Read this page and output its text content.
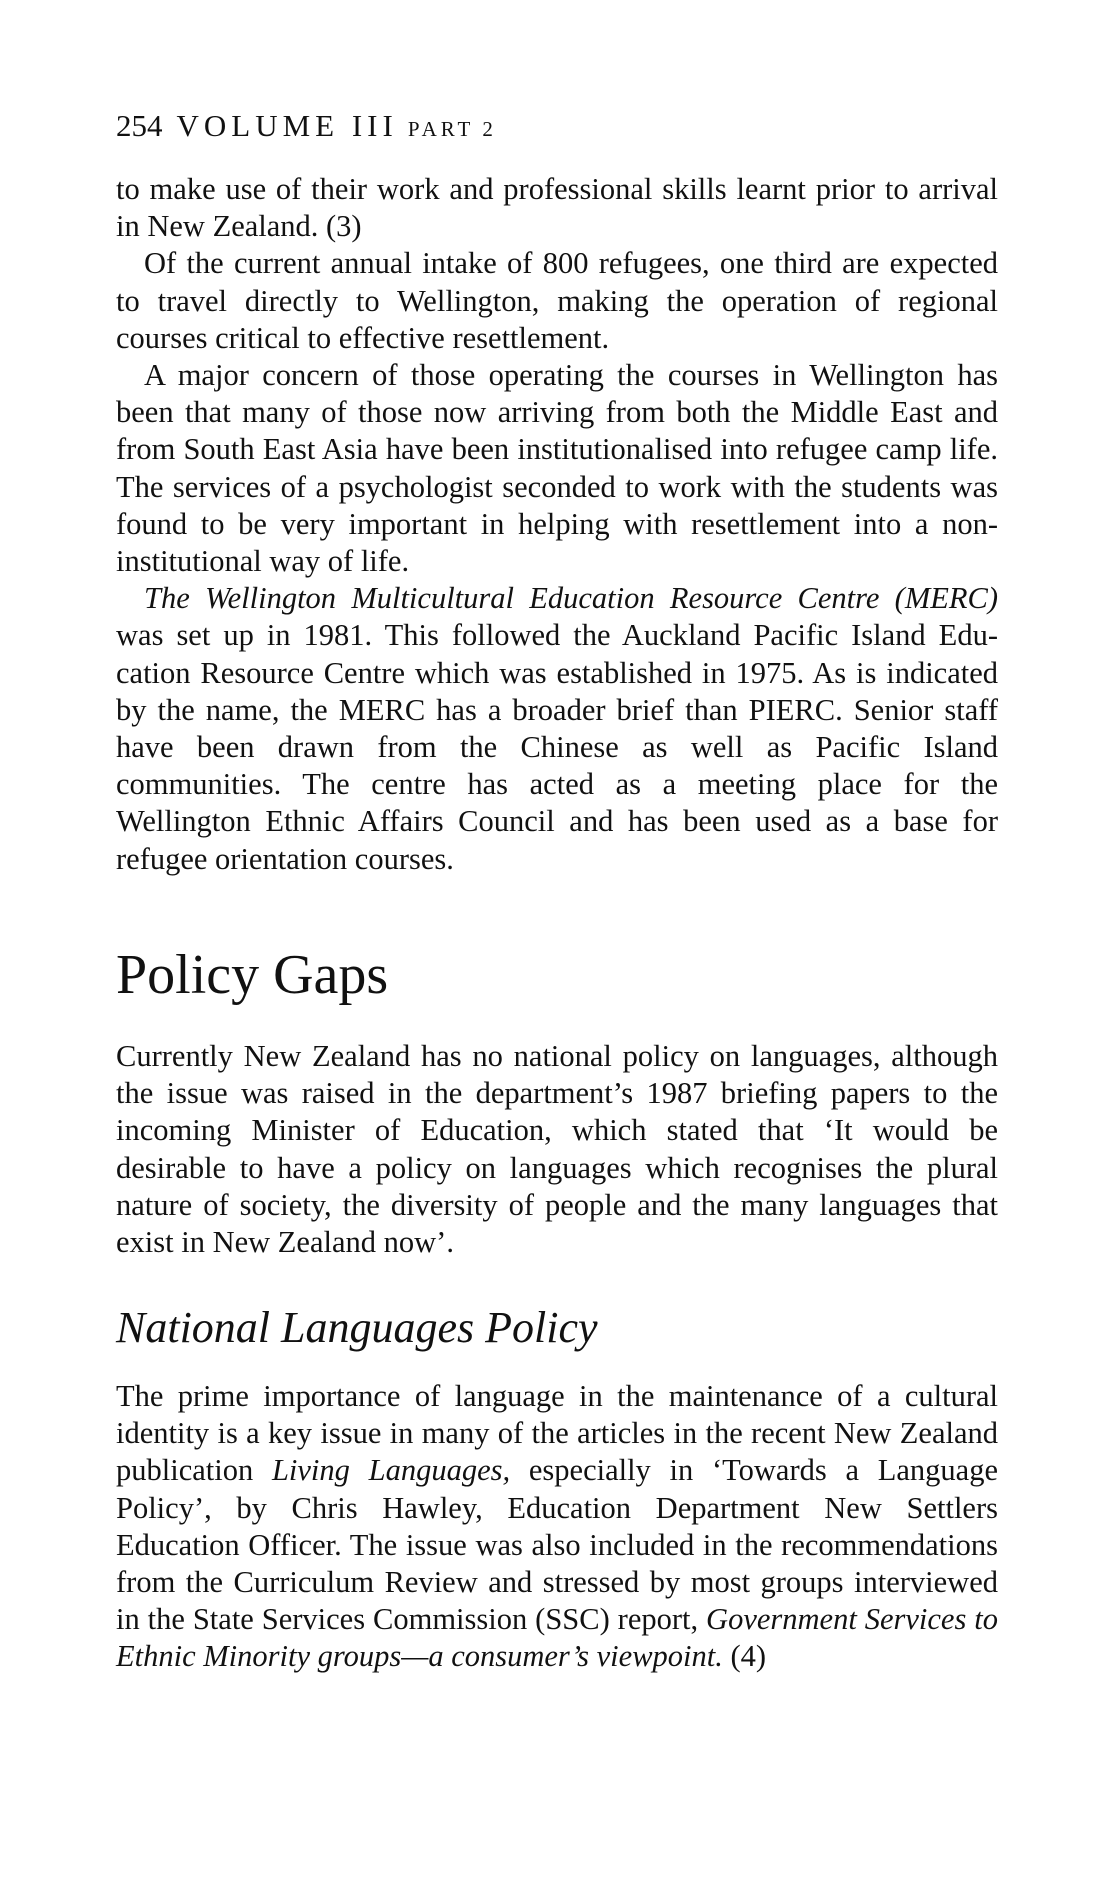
254 VOLUME III PART 2

to make use of their work and professional skills learnt prior to arrival in New Zealand. (3)

Of the current annual intake of 800 refugees, one third are expected to travel directly to Wellington, making the operation of regional courses critical to effective resettlement.

A major concern of those operating the courses in Wellington has been that many of those now arriving from both the Middle East and from South East Asia have been institutionalised into refugee camp life. The services of a psychologist seconded to work with the students was found to be very important in helping with resettlement into a non-institutional way of life.

The Wellington Multicultural Education Resource Centre (MERC) was set up in 1981. This followed the Auckland Pacific Island Education Resource Centre which was established in 1975. As is indicated by the name, the MERC has a broader brief than PIERC. Senior staff have been drawn from the Chinese as well as Pacific Island communities. The centre has acted as a meeting place for the Wellington Ethnic Affairs Council and has been used as a base for refugee orientation courses.

Policy Gaps

Currently New Zealand has no national policy on languages, although the issue was raised in the department’s 1987 briefing papers to the incoming Minister of Education, which stated that ‘It would be desirable to have a policy on languages which recognises the plural nature of society, the diversity of people and the many languages that exist in New Zealand now’.

National Languages Policy

The prime importance of language in the maintenance of a cultural identity is a key issue in many of the articles in the recent New Zealand publication Living Languages, especially in ‘Towards a Language Policy’, by Chris Hawley, Education Department New Settlers Education Officer. The issue was also included in the recommendations from the Curriculum Review and stressed by most groups interviewed in the State Services Commission (SSC) report, Government Services to Ethnic Minority groups—a consumer’s viewpoint. (4)
